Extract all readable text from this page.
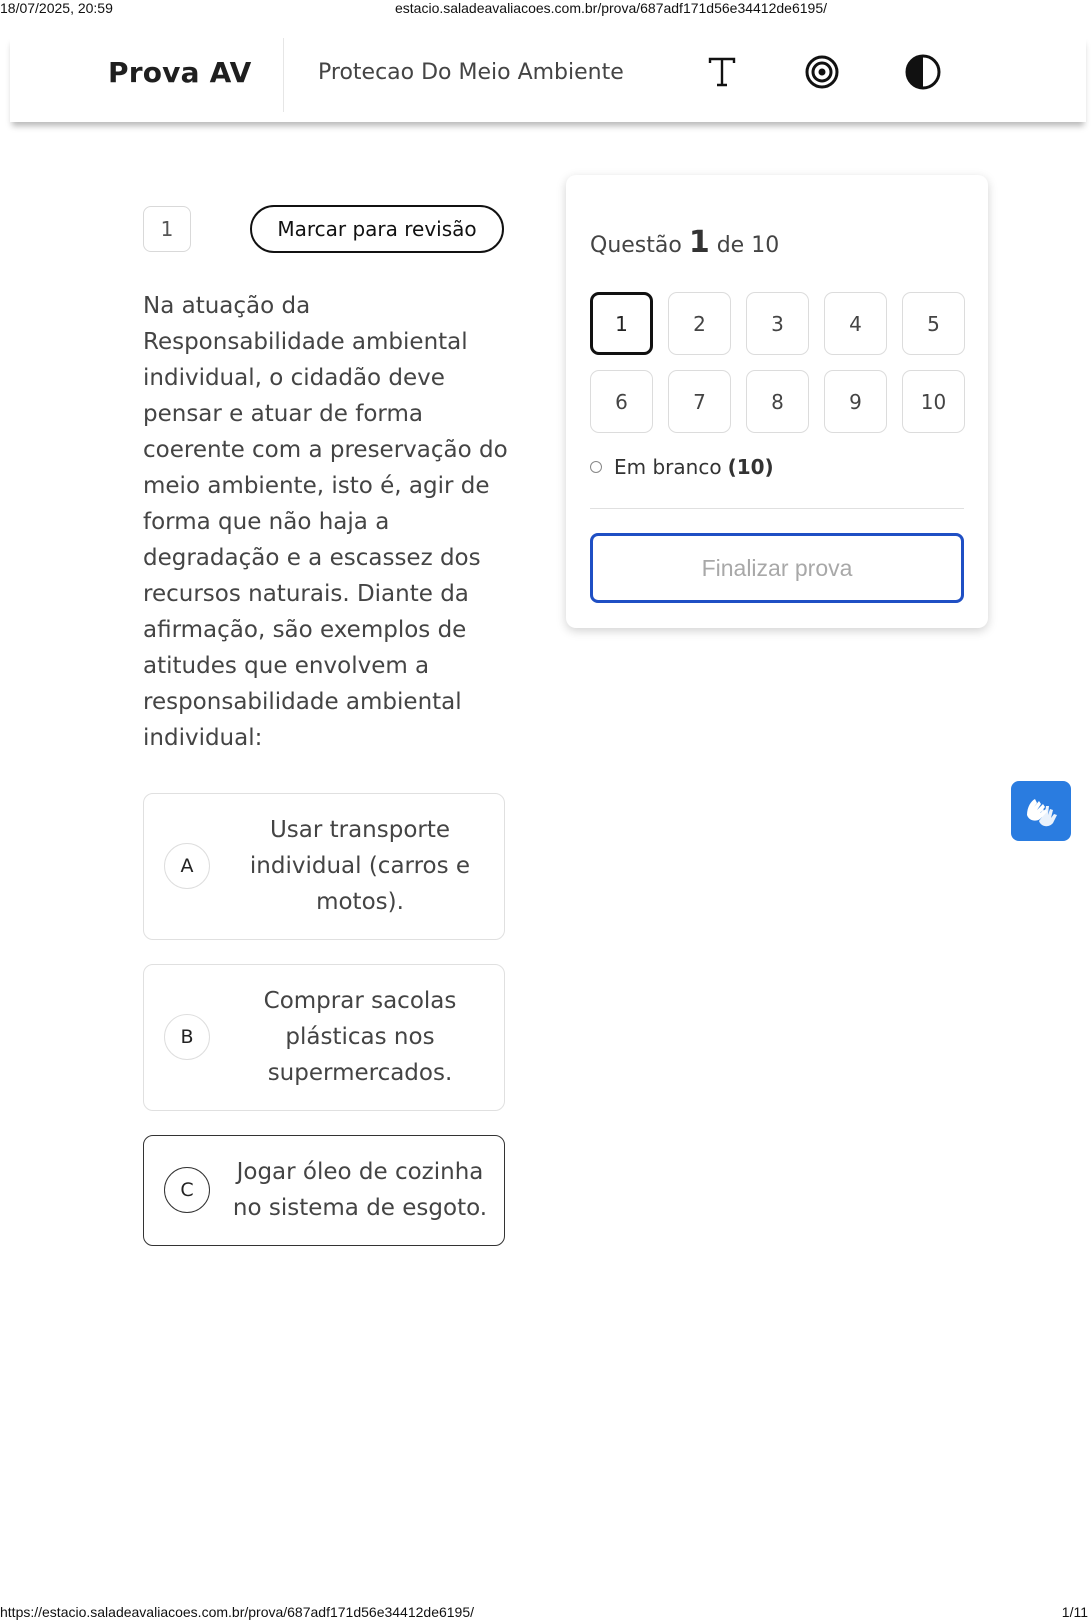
18/07/2025, 20:59	estacio.saladeavaliacoes.com.br/prova/687adf171d56e34412de6195/
Prova AV	Protecao Do Meio Ambiente
1	Marcar para revisão
Na atuação da Responsabilidade ambiental individual, o cidadão deve pensar e atuar de forma coerente com a preservação do meio ambiente, isto é, agir de forma que não haja a degradação e a escassez dos recursos naturais. Diante da afirmação, são exemplos de atitudes que envolvem a responsabilidade ambiental individual:
A
Usar transporte individual (carros e motos).
B
Comprar sacolas plásticas nos supermercados.
C
Jogar óleo de cozinha no sistema de esgoto.
Questão 1 de 10
1	2	3	4	5
6	7	8	9	10
Em branco (10)
Finalizar prova
https://estacio.saladeavaliacoes.com.br/prova/687adf171d56e34412de6195/	1/11
